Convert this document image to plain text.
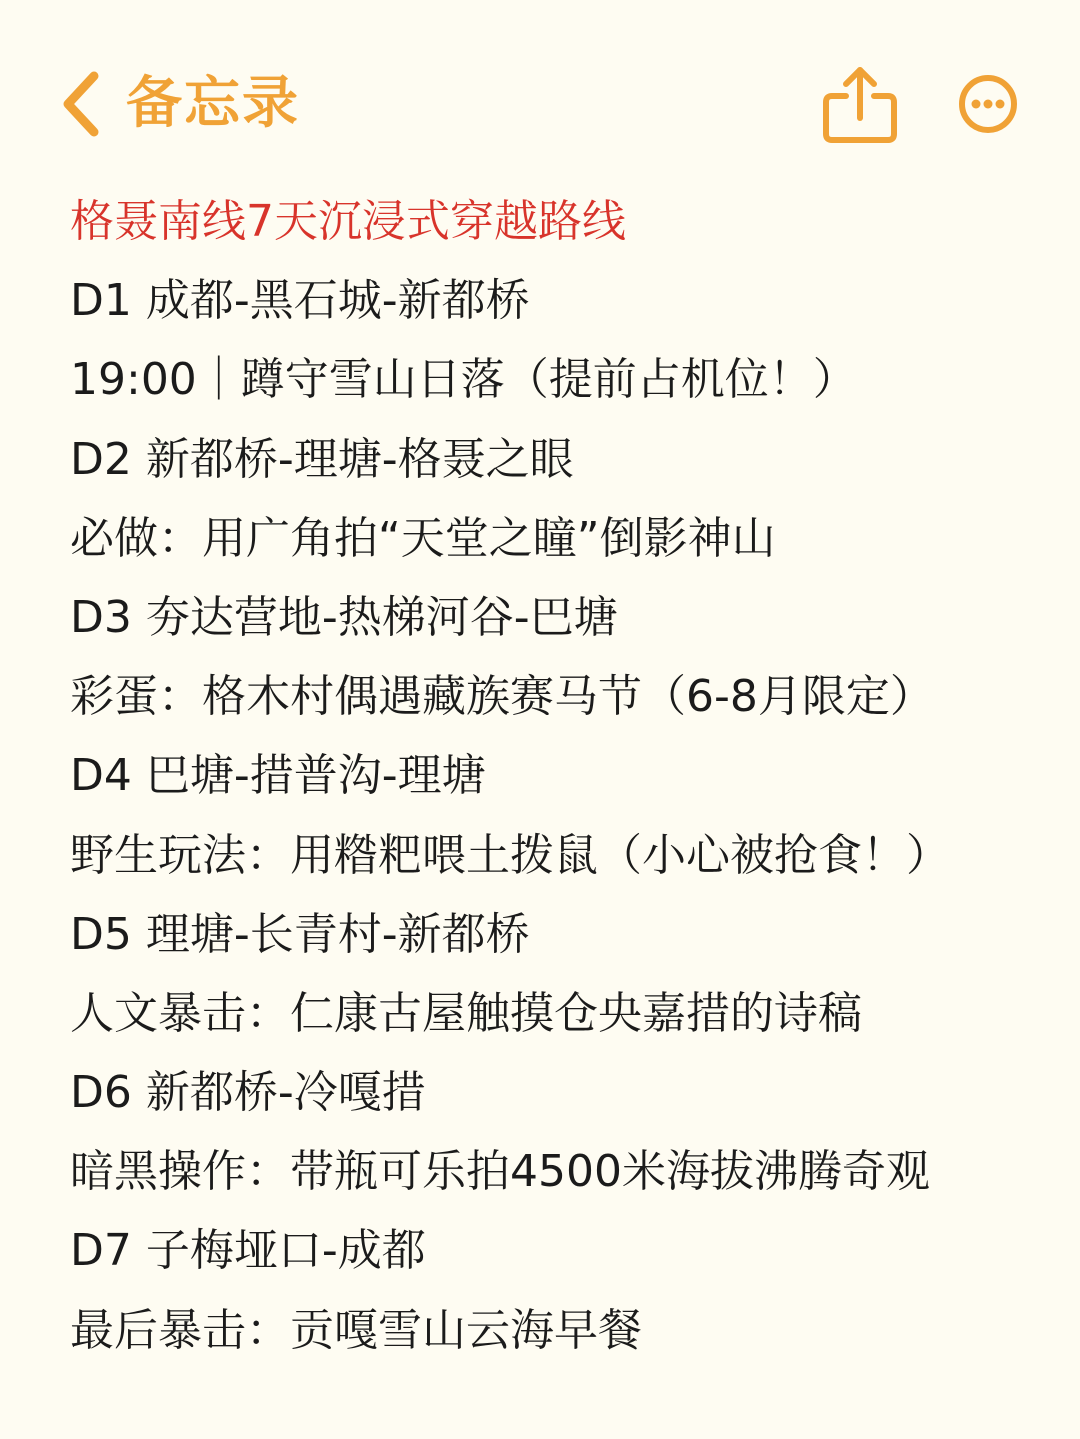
备忘录
格聂南线7天沉浸式穿越路线
D1 成都-黑石城-新都桥
19:00｜蹲守雪山日落（提前占机位！）
D2 新都桥-理塘-格聂之眼
必做：用广角拍“天堂之瞳”倒影神山
D3 夯达营地-热梯河谷-巴塘
彩蛋：格木村偶遇藏族赛马节（6-8月限定）
D4 巴塘-措普沟-理塘
野生玩法：用糌粑喂土拨鼠（小心被抢食！）
D5 理塘-长青村-新都桥
人文暴击：仁康古屋触摸仓央嘉措的诗稿
D6 新都桥-冷嘎措
暗黑操作：带瓶可乐拍4500米海拔沸腾奇观
D7 子梅垭口-成都
最后暴击：贡嘎雪山云海早餐
